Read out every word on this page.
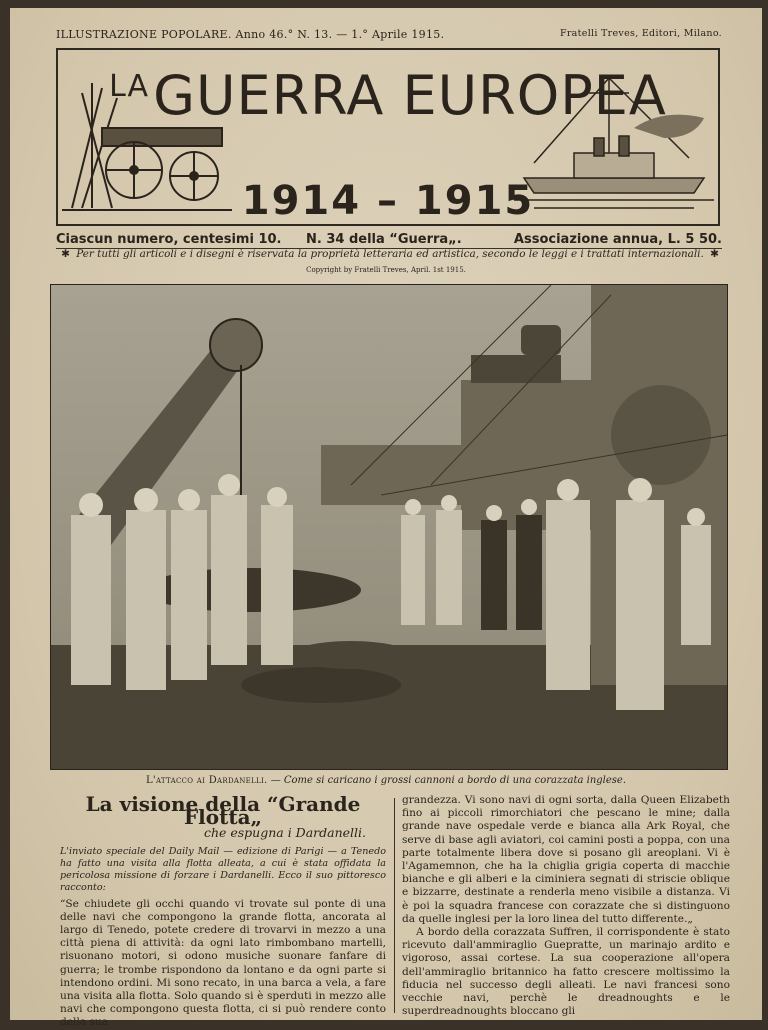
ILLUSTRAZIONE POPOLARE. Anno 46.° N. 13. — 1.° Aprile 1915.	Fratelli Treves, Editori, Milano.
$^{LA}$GUERRA EUROPEA
1914 – 1915
Ciascun numero, centesimi 10. N. 34 della “Guerra„.	Associazione annua, L. 5 50.
✱ Per tutti gli articoli e i disegni è riservata la proprietà letteraria ed artistica, secondo le leggi e i trattati internazionali. ✱
Copyright by Fratelli Treves, April. 1st 1915.
L'attacco ai Dardanelli. — Come si caricano i grossi cannoni a bordo di una corazzata inglese.
La visione della “Grande Flotta„
che espugna i Dardanelli.
L'inviato speciale del Daily Mail — edizione di Parigi — a Tenedo ha fatto una visita alla flotta alleata, a cui è stata offidata la pericolosa missione di forzare i Dardanelli. Ecco il suo pittoresco racconto:

“Se chiudete gli occhi quando vi trovate sul ponte di una delle navi che compongono la grande flotta, ancorata al largo di Tenedo, potete credere di trovarvi in mezzo a una città piena di attività: da ogni lato rimbombano martelli, risuonano motori, si odono musiche suonare fanfare di guerra; le trombe rispondono da lontano e da ogni parte si intendono ordini. Mi sono recato, in una barca a vela, a fare una visita alla flotta. Solo quando si è sperduti in mezzo alle navi che compongono questa flotta, ci si può rendere conto della sua

grandezza. Vi sono navi di ogni sorta, dalla Queen Elizabeth fino ai piccoli rimorchiatori che pescano le mine; dalla grande nave ospedale verde e bianca alla Ark Royal, che serve di base agli aviatori, coi camini posti a poppa, con una parte totalmente libera dove si posano gli areoplani. Vi è l'Agamemnon, che ha la chiglia grigia coperta di macchie bianche e gli alberi e la ciminiera segnati di striscie oblique e bizzarre, destinate a renderla meno visibile a distanza. Vi è poi la squadra francese con corazzate che si distinguono da quelle inglesi per la loro linea del tutto differente.„

A bordo della corazzata Suffren, il corrispondente è stato ricevuto dall'ammiraglio Guepratte, un marinajo ardito e vigoroso, assai cortese. La sua cooperazione all'opera dell'ammiraglio britannico ha fatto crescere moltissimo la fiducia nel successo degli alleati. Le navi francesi sono vecchie navi, perchè le dreadnoughts e le superdreadnoughts bloccano gli
